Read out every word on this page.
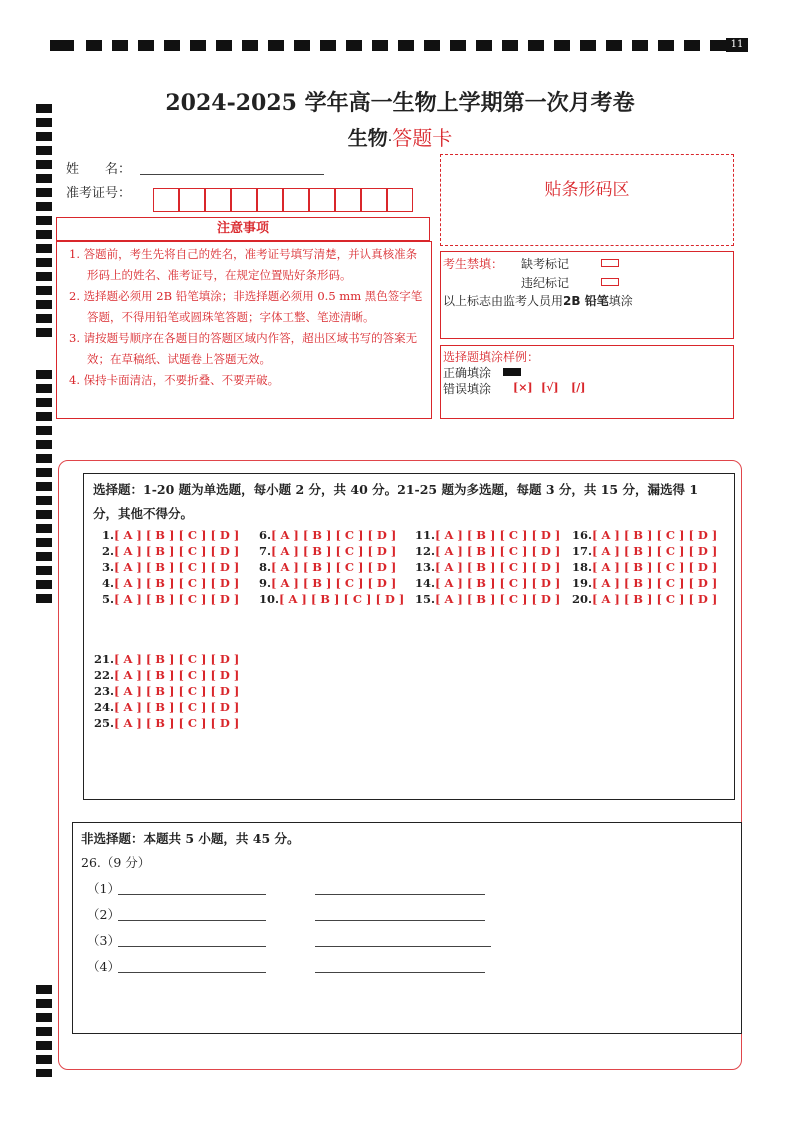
11
2024-2025 学年高一生物上学期第一次月考卷
生物·答题卡
姓　　名：
准考证号：	贴条形码区
注意事项

1. 答题前，考生先将自己的姓名，准考证号填写清楚，并认真核准条形码上的姓名、准考证号，在规定位置贴好条形码。

2. 选择题必须用 2B 铅笔填涂；非选择题必须用 0.5 mm 黑色签字笔答题，不得用铅笔或圆珠笔答题；字体工整、笔迹清晰。

3. 请按题号顺序在各题目的答题区域内作答，超出区域书写的答案无效；在草稿纸、试题卷上答题无效。

4. 保持卡面清洁，不要折叠、不要弄破。

考生禁填： 缺考标记
违纪标记
以上标志由监考人员用2B 铅笔填涂
选择题填涂样例：
正确填涂
错误填涂 [×] [√] [/]
选择题：1-20 题为单选题，每小题 2 分，共 40 分。21-25 题为多选题，每题 3 分，共 15 分，漏选得 1 分，其他不得分。
1.[ A ] [ B ] [ C ] [ D ]
2.[ A ] [ B ] [ C ] [ D ]
3.[ A ] [ B ] [ C ] [ D ]
4.[ A ] [ B ] [ C ] [ D ]
5.[ A ] [ B ] [ C ] [ D ]
6.[ A ] [ B ] [ C ] [ D ]
7.[ A ] [ B ] [ C ] [ D ]
8.[ A ] [ B ] [ C ] [ D ]
9.[ A ] [ B ] [ C ] [ D ]
10.[ A ] [ B ] [ C ] [ D ]
11.[ A ] [ B ] [ C ] [ D ]
12.[ A ] [ B ] [ C ] [ D ]
13.[ A ] [ B ] [ C ] [ D ]
14.[ A ] [ B ] [ C ] [ D ]
15.[ A ] [ B ] [ C ] [ D ]
16.[ A ] [ B ] [ C ] [ D ]
17.[ A ] [ B ] [ C ] [ D ]
18.[ A ] [ B ] [ C ] [ D ]
19.[ A ] [ B ] [ C ] [ D ]
20.[ A ] [ B ] [ C ] [ D ]
21.[ A ] [ B ] [ C ] [ D ]
22.[ A ] [ B ] [ C ] [ D ]
23.[ A ] [ B ] [ C ] [ D ]
24.[ A ] [ B ] [ C ] [ D ]
25.[ A ] [ B ] [ C ] [ D ]
非选择题：本题共 5 小题，共 45 分。
26.（9 分）
（1）
（2）
（3）
（4）
